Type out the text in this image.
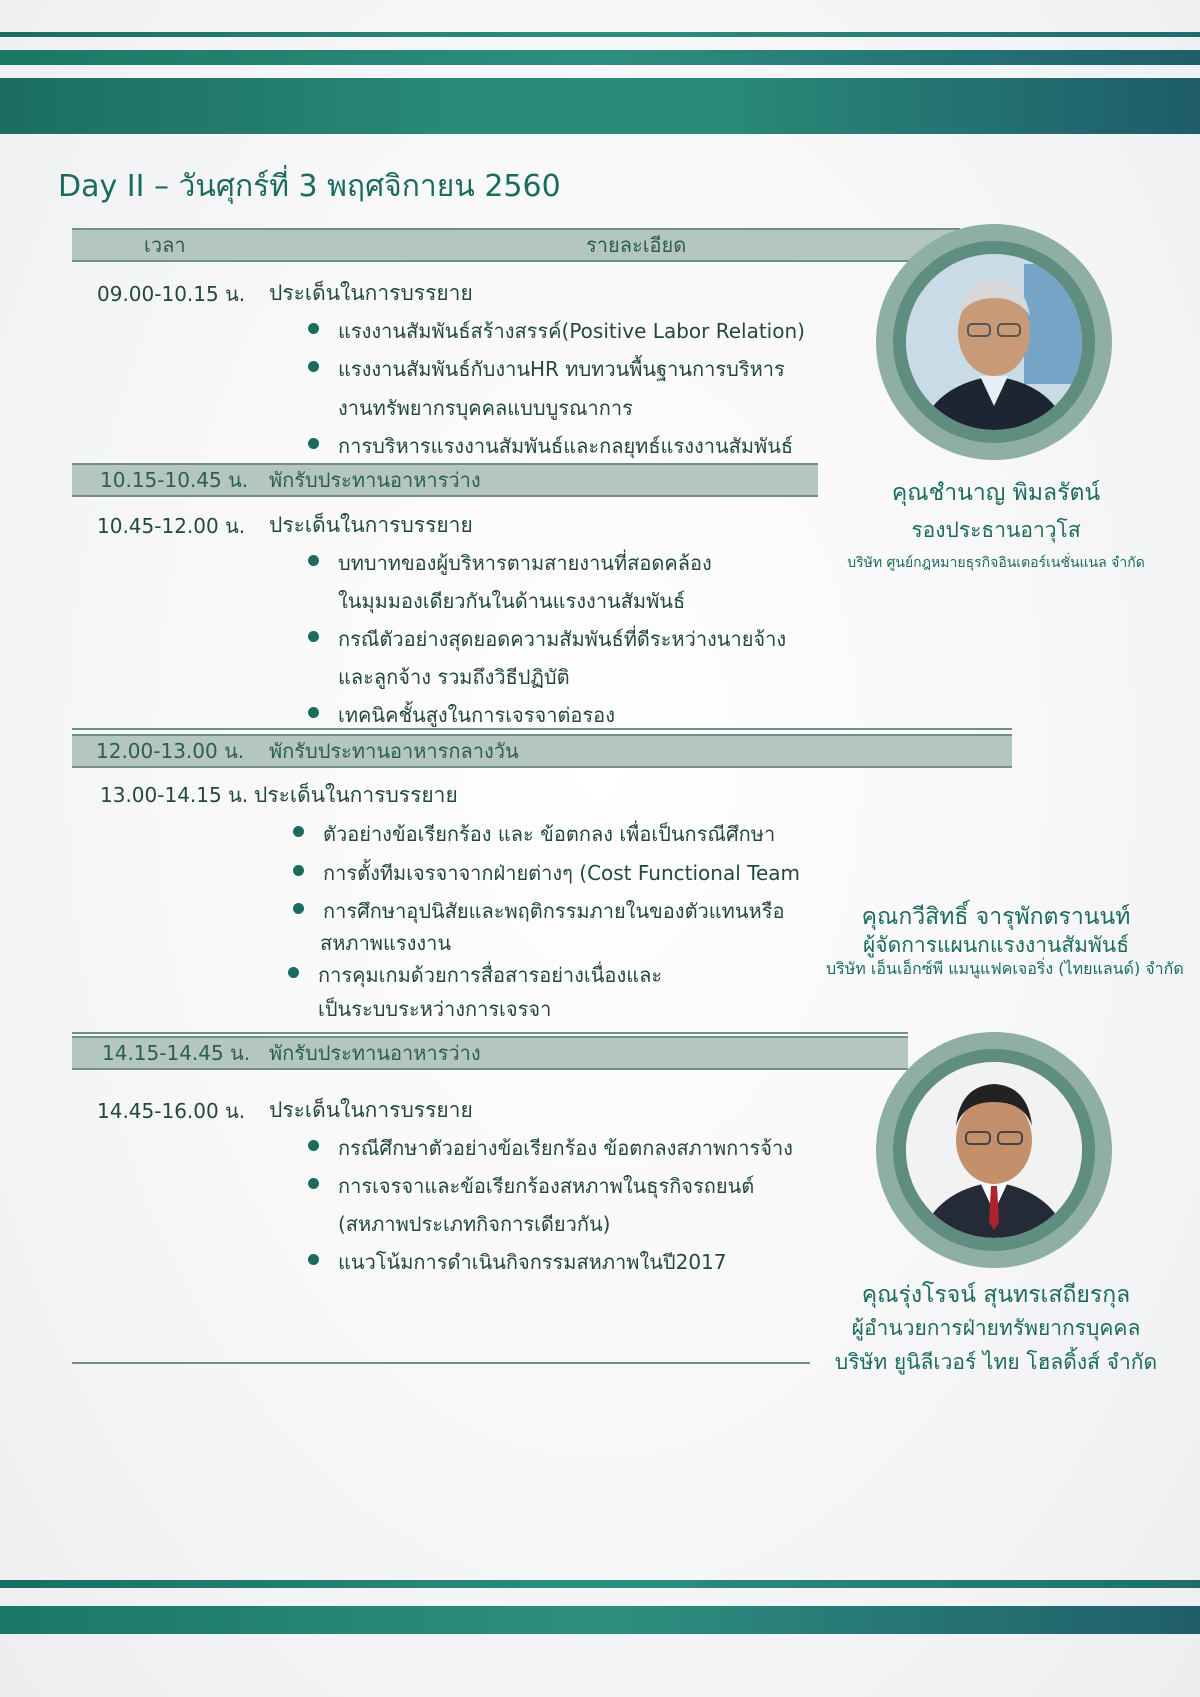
Day II – วันศุกร์ที่ 3 พฤศจิกายน 2560
เวลา	รายละเอียด
09.00-10.15 น. ประเด็นในการบรรยาย
แรงงานสัมพันธ์สร้างสรรค์(Positive Labor Relation)
แรงงานสัมพันธ์กับงานHR ทบทวนพื้นฐานการบริหาร
งานทรัพยากรบุคคลแบบบูรณาการ
การบริหารแรงงานสัมพันธ์และกลยุทธ์แรงงานสัมพันธ์
10.15-10.45 น. พักรับประทานอาหารว่าง
10.45-12.00 น. ประเด็นในการบรรยาย
บทบาทของผู้บริหารตามสายงานที่สอดคล้อง
ในมุมมองเดียวกันในด้านแรงงานสัมพันธ์
กรณีตัวอย่างสุดยอดความสัมพันธ์ที่ดีระหว่างนายจ้าง
และลูกจ้าง รวมถึงวิธีปฏิบัติ
เทคนิคชั้นสูงในการเจรจาต่อรอง
12.00-13.00 น. พักรับประทานอาหารกลางวัน
13.00-14.15 น. ประเด็นในการบรรยาย
ตัวอย่างข้อเรียกร้อง และ ข้อตกลง เพื่อเป็นกรณีศึกษา
การตั้งทีมเจรจาจากฝ่ายต่างๆ (Cost Functional Team
การศึกษาอุปนิสัยและพฤติกรรมภายในของตัวแทนหรือ
สหภาพแรงงาน
การคุมเกมด้วยการสื่อสารอย่างเนื่องและ
เป็นระบบระหว่างการเจรจา
14.15-14.45 น. พักรับประทานอาหารว่าง
14.45-16.00 น. ประเด็นในการบรรยาย
กรณีศึกษาตัวอย่างข้อเรียกร้อง ข้อตกลงสภาพการจ้าง
การเจรจาและข้อเรียกร้องสหภาพในธุรกิจรถยนต์
(สหภาพประเภทกิจการเดียวกัน)
แนวโน้มการดำเนินกิจกรรมสหภาพในปี2017
คุณชำนาญ พิมลรัตน์
รองประธานอาวุโส
บริษัท ศูนย์กฎหมายธุรกิจอินเตอร์เนชั่นแนล จำกัด
คุณกวีสิทธิ์ จารุพักตรานนท์
ผู้จัดการแผนกแรงงานสัมพันธ์
บริษัท เอ็นเอ็กซ์พี แมนูแฟคเจอริ่ง (ไทยแลนด์) จำกัด
คุณรุ่งโรจน์ สุนทรเสถียรกุล
ผู้อำนวยการฝ่ายทรัพยากรบุคคล
บริษัท ยูนิลีเวอร์ ไทย โฮลดิ้งส์ จำกัด
